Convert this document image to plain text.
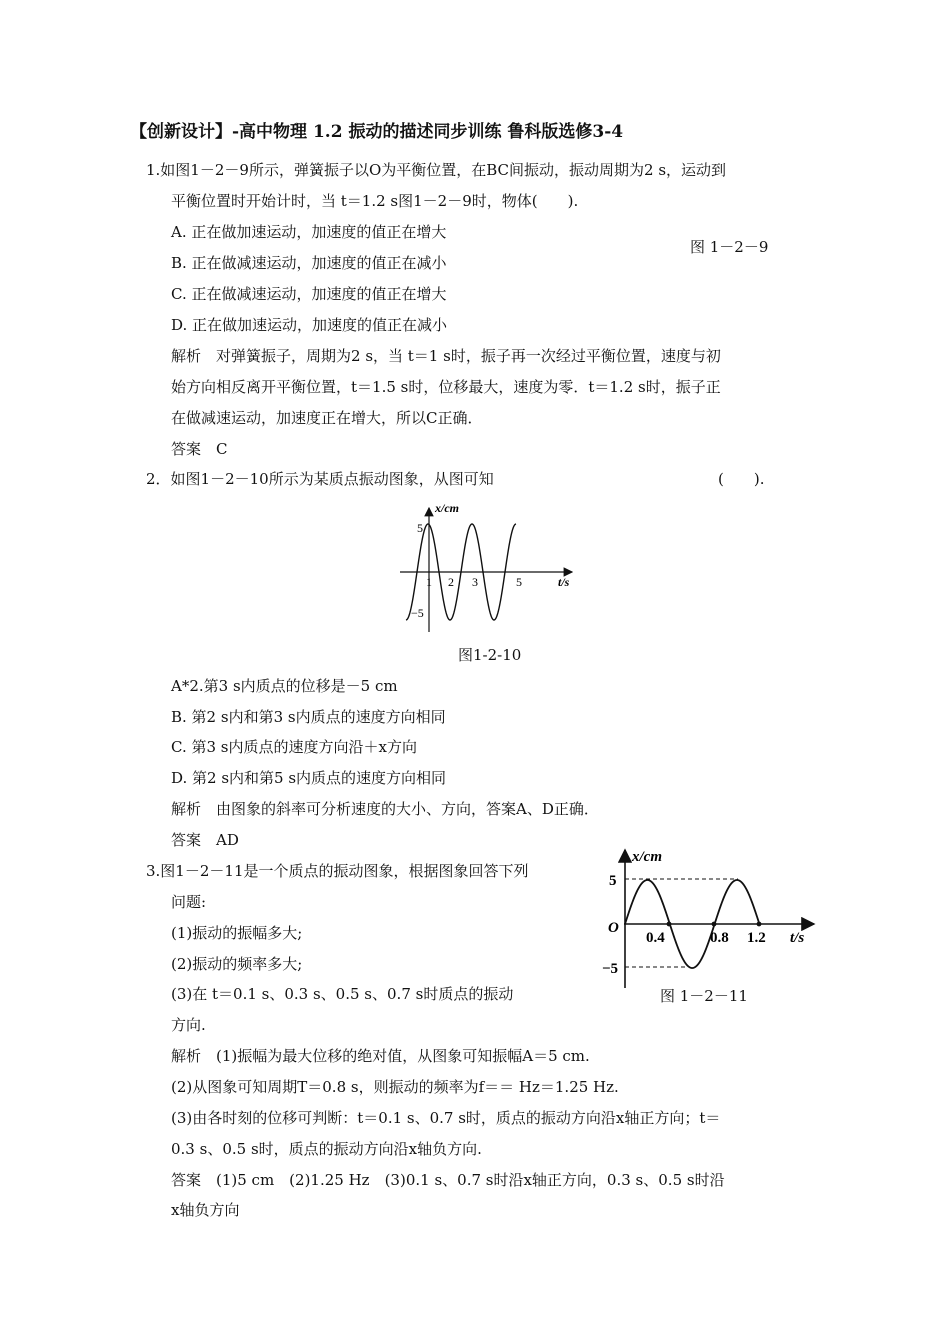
【创新设计】-高中物理 1.2 振动的描述同步训练 鲁科版选修3-4
1.如图1－2－9所示，弹簧振子以O为平衡位置，在BC间振动，振动周期为2 s，运动到
平衡位置时开始计时，当 t＝1.2 s图1－2－9时，物体(　　).
A. 正在做加速运动，加速度的值正在增大
图 1－2－9
B. 正在做减速运动，加速度的值正在减小
C. 正在做减速运动，加速度的值正在增大
D. 正在做加速运动，加速度的值正在减小
解析　对弹簧振子，周期为2 s，当 t＝1 s时，振子再一次经过平衡位置，速度与初
始方向相反离开平衡位置，t＝1.5 s时，位移最大，速度为零．t＝1.2 s时，振子正
在做减速运动，加速度正在增大，所以C正确．
答案　C
2．如图1－2－10所示为某质点振动图象，从图可知	(　　).
x/cm
t/s
5
−5
1 2 3	5
图1-2-10
A*2.第3 s内质点的位移是－5 cm
B. 第2 s内和第3 s内质点的速度方向相同
C. 第3 s内质点的速度方向沿＋x方向
D. 第2 s内和第5 s内质点的速度方向相同
解析　由图象的斜率可分析速度的大小、方向，答案A、D正确．
答案　AD
3.图1－2－11是一个质点的振动图象，根据图象回答下列
问题:
(1)振动的振幅多大;
(2)振动的频率多大;
(3)在 t＝0.1 s、0.3 s、0.5 s、0.7 s时质点的振动
方向.
x/cm
t/s
O
5
−5
0.4	0.8 1.2
图 1－2－11
解析　(1)振幅为最大位移的绝对值，从图象可知振幅A＝5 cm.
(2)从图象可知周期T＝0.8 s，则振动的频率为f＝＝ Hz＝1.25 Hz.
(3)由各时刻的位移可判断：t＝0.1 s、0.7 s时，质点的振动方向沿x轴正方向；t＝
0.3 s、0.5 s时，质点的振动方向沿x轴负方向.
答案　(1)5 cm　(2)1.25 Hz　(3)0.1 s、0.7 s时沿x轴正方向，0.3 s、0.5 s时沿
x轴负方向
